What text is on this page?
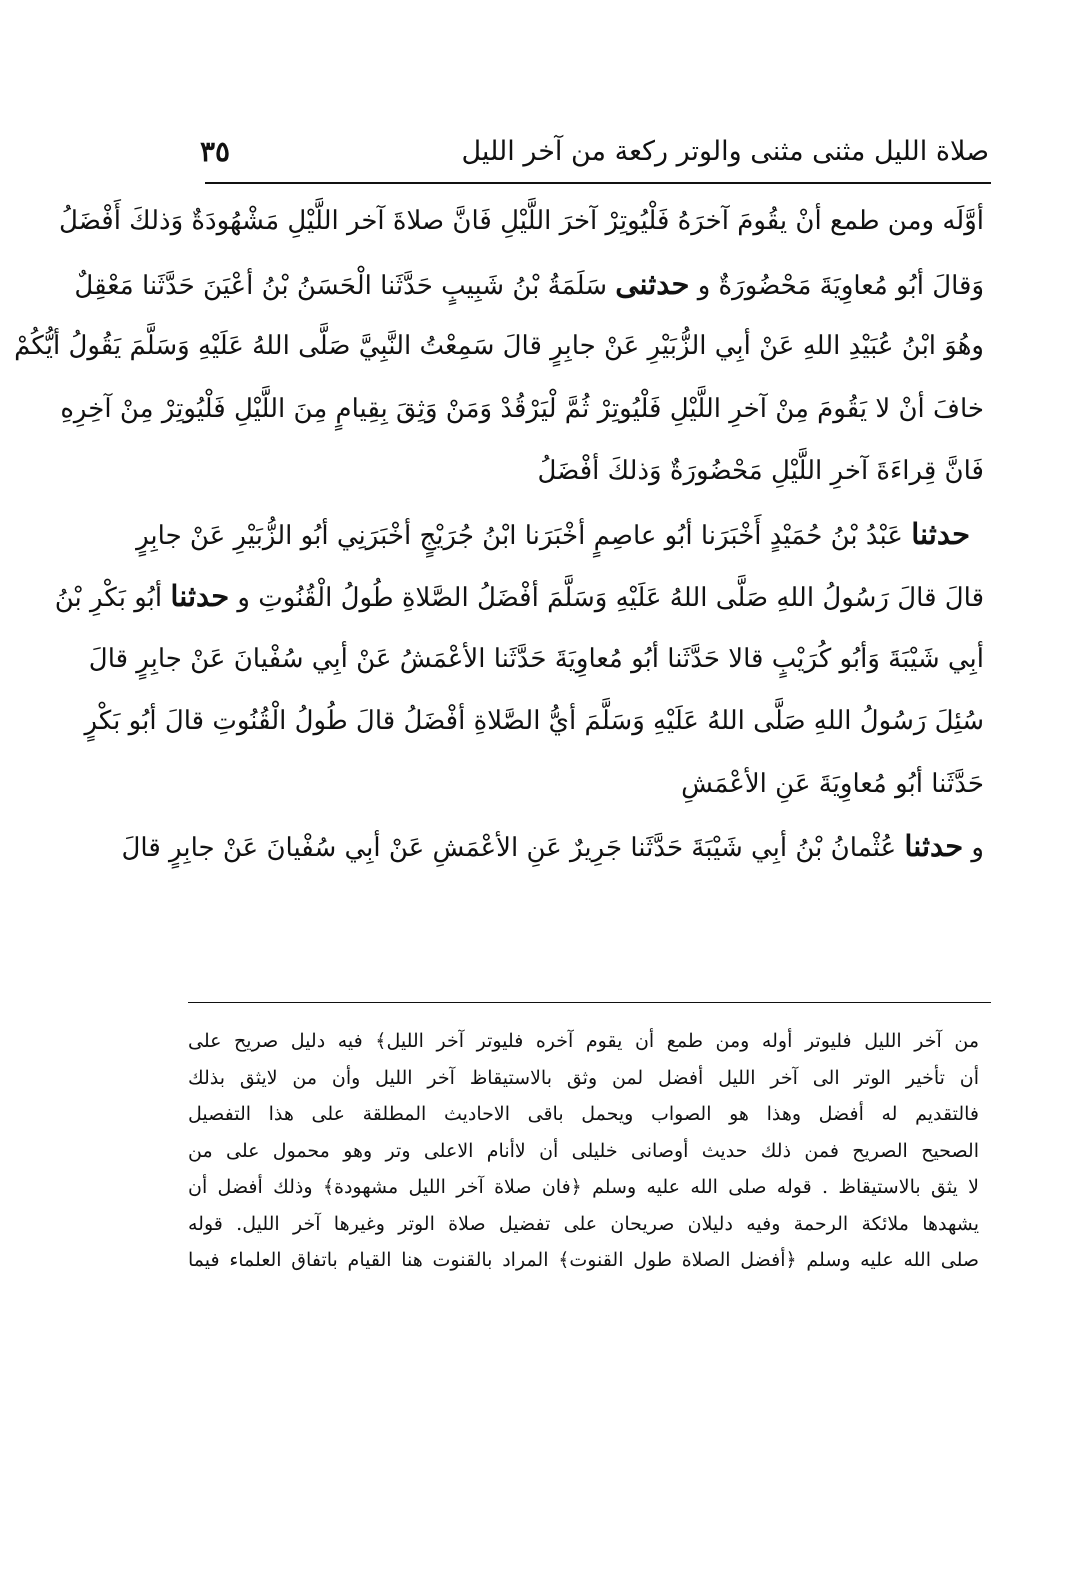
صلاة الليل مثنى مثنى والوتر ركعة من آخر الليل
٣٥
أوَّلَه ومن طمع أنْ يقُومَ آخرَهُ فَلْيُوتِرْ آخرَ اللَّيْلِ فَانَّ صلاةَ آخر اللَّيْلِ مَشْهُودَةٌ وَذلكَ أَفْضَلُ
وَقالَ أبُو مُعاوِيَةَ مَحْضُورَةٌ و حدثنى سَلَمَةُ بْنُ شَبِيبٍ حَدَّثَنا الْحَسَنُ بْنُ أعْيَنَ حَدَّثَنا مَعْقِلٌ
وهُوَ ابْنُ عُبَيْدِ اللهِ عَنْ أبِي الزُّبَيْرِ عَنْ جابِرٍ قالَ سَمِعْتُ النَّبِيَّ صَلَّى اللهُ عَلَيْهِ وَسَلَّمَ يَقُولُ أيُّكُمْ
خافَ أنْ لا يَقُومَ مِنْ آخرِ اللَّيْلِ فَلْيُوتِرْ ثُمَّ لْيَرْقُدْ وَمَنْ وَثِقَ بِقِيامٍ مِنَ اللَّيْلِ فَلْيُوتِرْ مِنْ آخِرِهِ
فَانَّ قِراءَةَ آخرِ اللَّيْلِ مَحْضُورَةٌ وَذلكَ أفْضَلُ
حدثنا عَبْدُ بْنُ حُمَيْدٍ أَخْبَرَنا أبُو عاصِمٍ أخْبَرَنا ابْنُ جُرَيْجٍ أخْبَرَنِي أبُو الزُّبَيْرِ عَنْ جابِرٍ
قالَ قالَ رَسُولُ اللهِ صَلَّى اللهُ عَلَيْهِ وَسَلَّمَ أفْضَلُ الصَّلاةِ طُولُ الْقُنُوتِ و حدثنا أبُو بَكْرِ بْنُ
أبِي شَيْبَةَ وَأبُو كُرَيْبٍ قالا حَدَّثَنا أبُو مُعاوِيَةَ حَدَّثَنا الأعْمَشُ عَنْ أبِي سُفْيانَ عَنْ جابِرٍ قالَ
سُئِلَ رَسُولُ اللهِ صَلَّى اللهُ عَلَيْهِ وَسَلَّمَ أيُّ الصَّلاةِ أفْضَلُ قالَ طُولُ الْقُنُوتِ قالَ أبُو بَكْرٍ
حَدَّثَنا أبُو مُعاوِيَةَ عَنِ الأعْمَشِ
و حدثنا عُثْمانُ بْنُ أبِي شَيْبَةَ حَدَّثَنا جَرِيرٌ عَنِ الأعْمَشِ عَنْ أبِي سُفْيانَ عَنْ جابِرٍ قالَ
من آخر الليل فليوتر أوله ومن طمع أن يقوم آخره فليوتر آخر الليل﴾ فيه دليل صريح على
أن تأخير الوتر الى آخر الليل أفضل لمن وثق بالاستيقاظ آخر الليل وأن من لايثق بذلك
فالتقديم له أفضل وهذا هو الصواب ويحمل باقى الاحاديث المطلقة على هذا التفصيل
الصحيح الصريح فمن ذلك حديث أوصانى خليلى أن لاأنام الاعلى وتر وهو محمول على من
لا يثق بالاستيقاظ . قوله صلى الله عليه وسلم ﴿فان صلاة آخر الليل مشهودة﴾ وذلك أفضل أن
يشهدها ملائكة الرحمة وفيه دليلان صريحان على تفضيل صلاة الوتر وغيرها آخر الليل. قوله
صلى الله عليه وسلم ﴿أفضل الصلاة طول القنوت﴾ المراد بالقنوت هنا القيام باتفاق العلماء فيما
